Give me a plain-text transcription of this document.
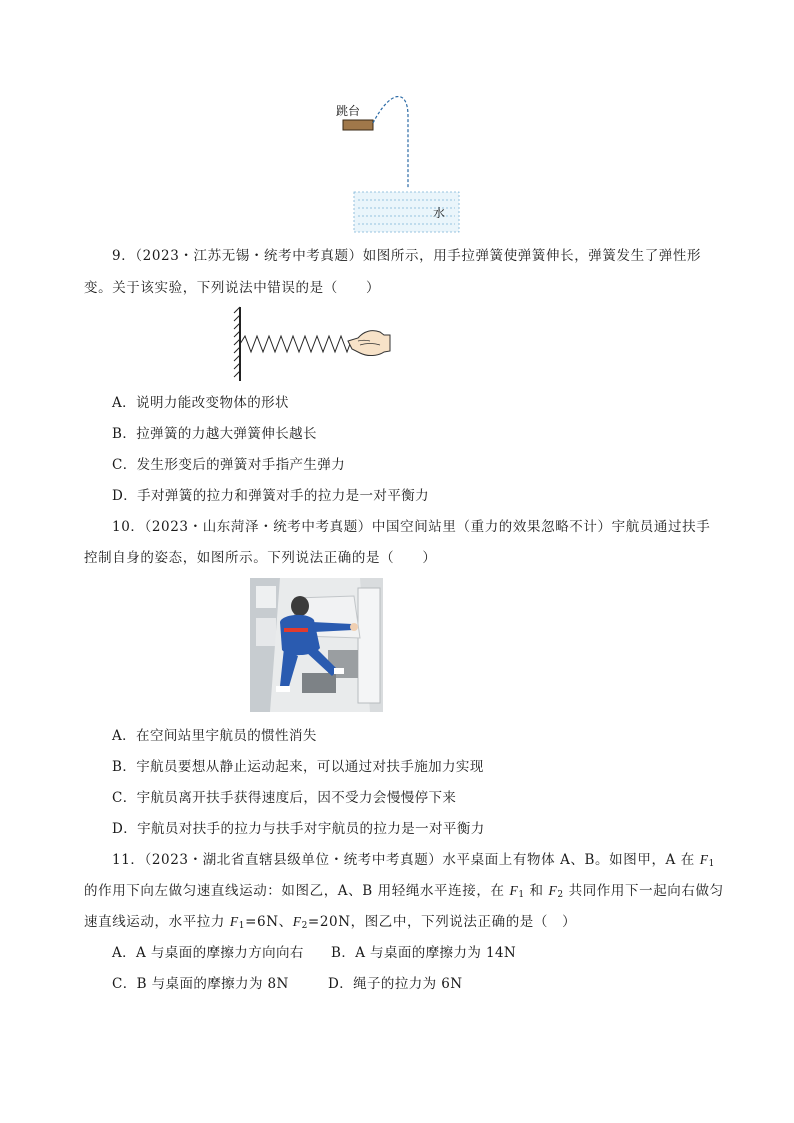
跳台
水
9．（2023・江苏无锡・统考中考真题）如图所示，用手拉弹簧使弹簧伸长，弹簧发生了弹性形
变。关于该实验，下列说法中错误的是（　　）
A．说明力能改变物体的形状
B．拉弹簧的力越大弹簧伸长越长
C．发生形变后的弹簧对手指产生弹力
D．手对弹簧的拉力和弹簧对手的拉力是一对平衡力
10．（2023・山东菏泽・统考中考真题）中国空间站里（重力的效果忽略不计）宇航员通过扶手
控制自身的姿态，如图所示。下列说法正确的是（　　）
A．在空间站里宇航员的惯性消失
B．宇航员要想从静止运动起来，可以通过对扶手施加力实现
C．宇航员离开扶手获得速度后，因不受力会慢慢停下来
D．宇航员对扶手的拉力与扶手对宇航员的拉力是一对平衡力
11．（2023・湖北省直辖县级单位・统考中考真题）水平桌面上有物体 A、B。如图甲，A 在 $F_1$
的作用下向左做匀速直线运动：如图乙，A、B 用轻绳水平连接，在 $F_1$ 和 $F_2$ 共同作用下一起向右做匀
速直线运动，水平拉力 $F_1=6N$、$F_2=20N$，图乙中，下列说法正确的是（　）
A．A 与桌面的摩擦力方向向右 B．A 与桌面的摩擦力为 14N
C．B 与桌面的摩擦力为 8N	D．绳子的拉力为 6N
